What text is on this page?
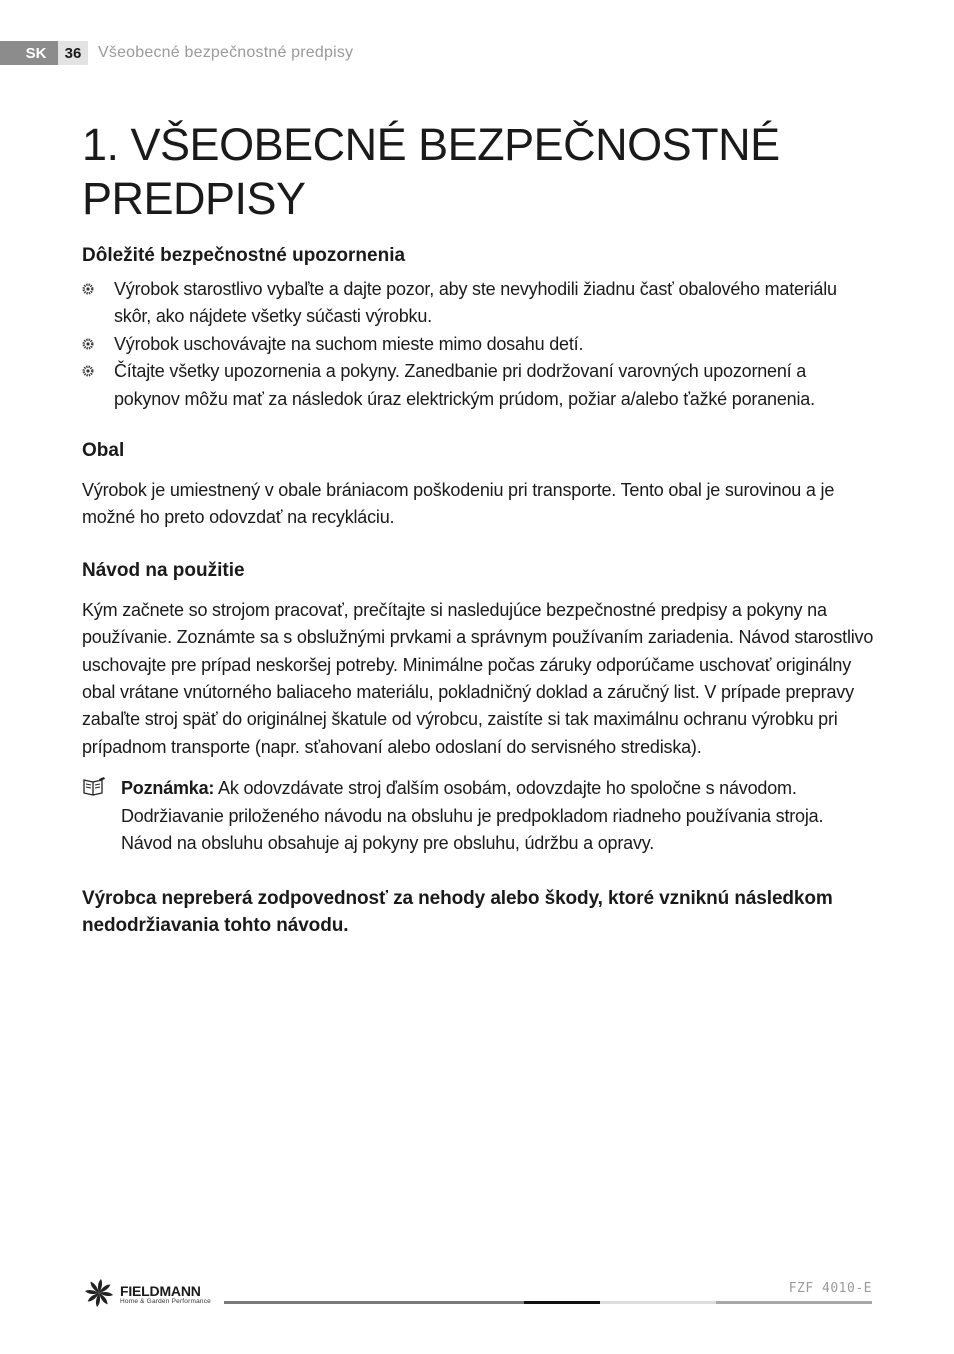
SK	36	Všeobecné bezpečnostné predpisy
1. VŠEOBECNÉ BEZPEČNOSTNÉ PREDPISY
Dôležité bezpečnostné upozornenia
Výrobok starostlivo vybaľte a dajte pozor, aby ste nevyhodili žiadnu časť obalového materiálu skôr, ako nájdete všetky súčasti výrobku.
Výrobok uschovávajte na suchom mieste mimo dosahu detí.
Čítajte všetky upozornenia a pokyny. Zanedbanie pri dodržovaní varovných upozornení a pokynov môžu mať za následok úraz elektrickým prúdom, požiar a/alebo ťažké poranenia.
Obal

Výrobok je umiestnený v obale brániacom poškodeniu pri transporte. Tento obal je surovinou a je možné ho preto odovzdať na recykláciu.

Návod na použitie

Kým začnete so strojom pracovať, prečítajte si nasledujúce bezpečnostné predpisy a pokyny na používanie. Zoznámte sa s obslužnými prvkami a správnym používaním zariadenia. Návod starostlivo uschovajte pre prípad neskoršej potreby. Minimálne počas záruky odporúčame uschovať originálny obal vrátane vnútorného baliaceho materiálu, pokladničný doklad a záručný list. V prípade prepravy zabaľte stroj späť do originálnej škatule od výrobcu, zaistíte si tak maximálnu ochranu výrobku pri prípadnom transporte (napr. sťahovaní alebo odoslaní do servisného strediska).

Poznámka: Ak odovzdávate stroj ďalším osobám, odovzdajte ho spoločne s návodom. Dodržiavanie priloženého návodu na obsluhu je predpokladom riadneho používania stroja. Návod na obsluhu obsahuje aj pokyny pre obsluhu, údržbu a opravy.

Výrobca nepreberá zodpovednosť za nehody alebo škody, ktoré vzniknú následkom nedodržiavania tohto návodu.
FIELDMANN
Home & Garden Performance
FZF 4010-E
